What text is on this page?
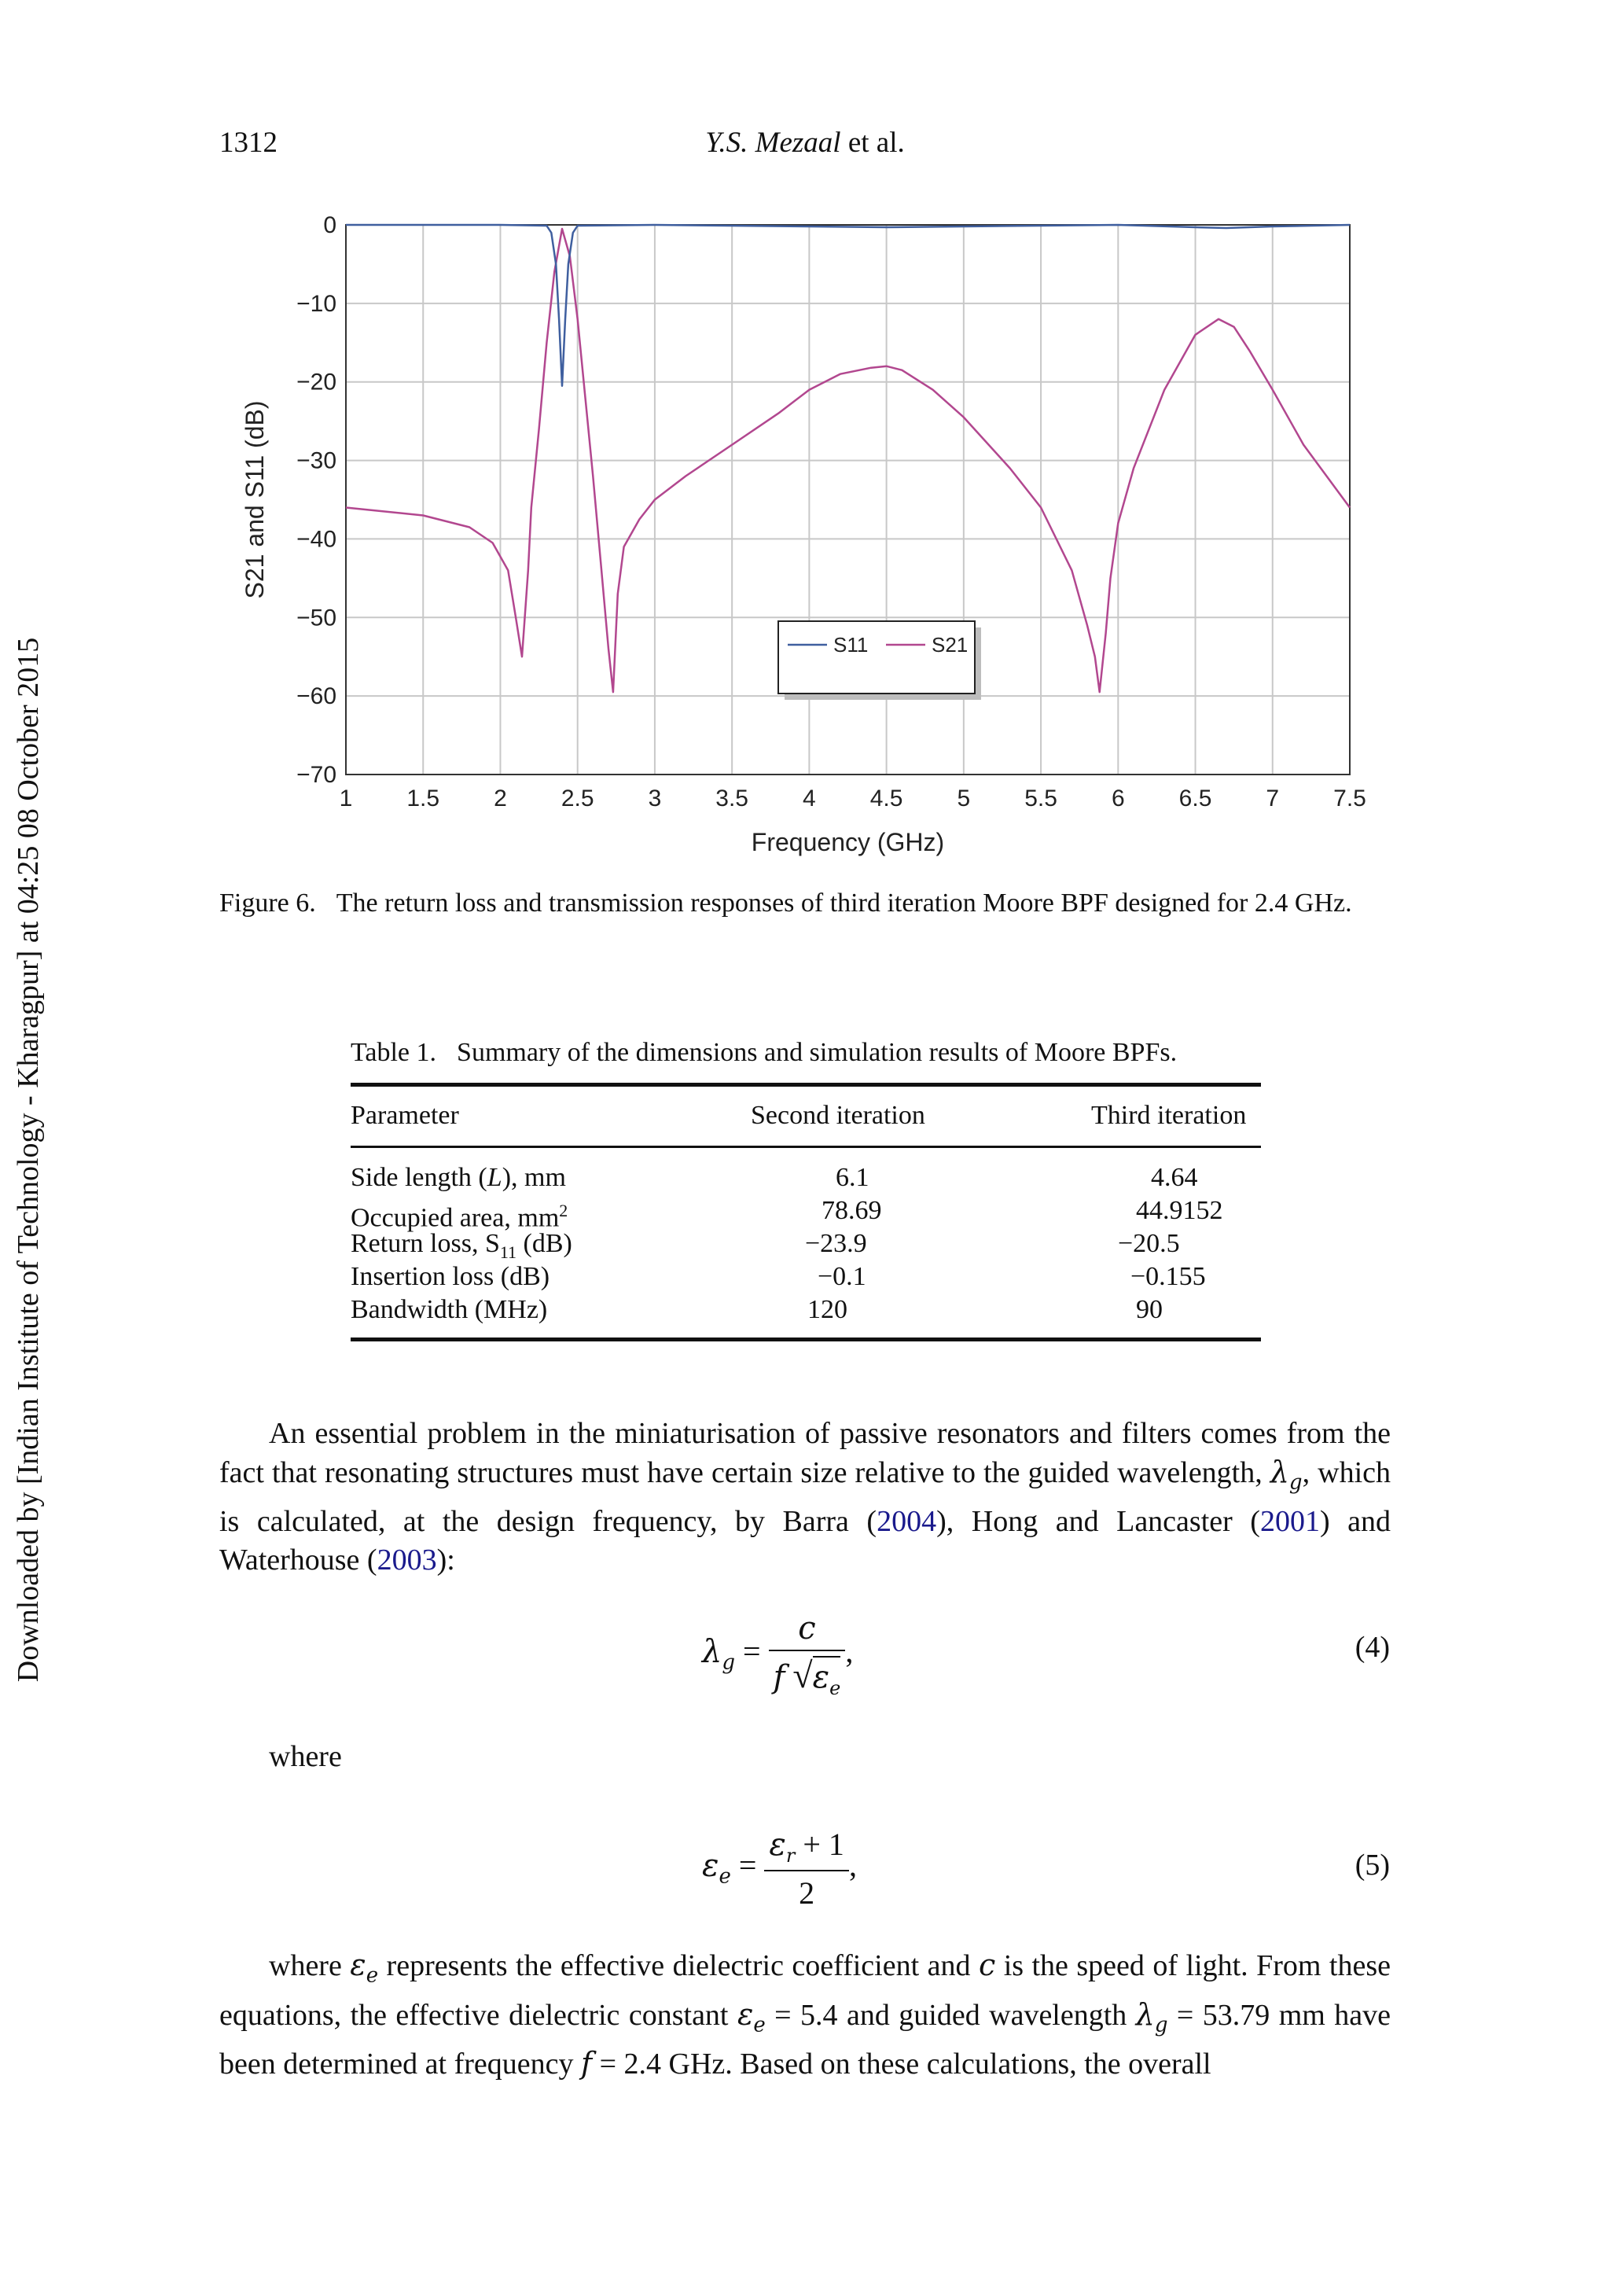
Downloaded by [Indian Institute of Technology - Kharagpur] at 04:25 08 October 2015
1312	Y.S. Mezaal et al.
1 1.5 2 2.5 3 3.5 4 4.5 5 5.5 6 6.5 7 7.5
0
−10
−20
−30
−40
−50
−60
−70
Frequency (GHz)
S21 and S11 (dB)
S11	S21
Figure 6. The return loss and transmission responses of third iteration Moore BPF designed for 2.4 GHz.
Table 1. Summary of the dimensions and simulation results of Moore BPFs.
Parameter	Second iteration	Third iteration
Side length (L), mm	6.1	4.64
Occupied area, $mm^2$	78.69	44.9152
Return loss, $S_{11}$ (dB)	−23.9	−20.5
Insertion loss (dB)	−0.1	−0.155
Bandwidth (MHz)	120	90
An essential problem in the miniaturisation of passive resonators and filters comes from the fact that resonating structures must have certain size relative to the guided wavelength, $\lambda_g$, which is calculated, at the design frequency, by Barra (2004), Hong and Lancaster (2001) and Waterhouse (2003):
$\lambda_g = \frac{c}{f √\varepsilon_e}$ ,	(4)
where
$\varepsilon_e = \frac{\varepsilon_r + 1}{2}$ ,	(5)
where $\varepsilon_e$ represents the effective dielectric coefficient and c is the speed of light. From these equations, the effective dielectric constant $\varepsilon_e = 5.4$ and guided wavelength $\lambda_g = 53.79$ mm have been determined at frequency f = 2.4 GHz. Based on these calculations, the overall
